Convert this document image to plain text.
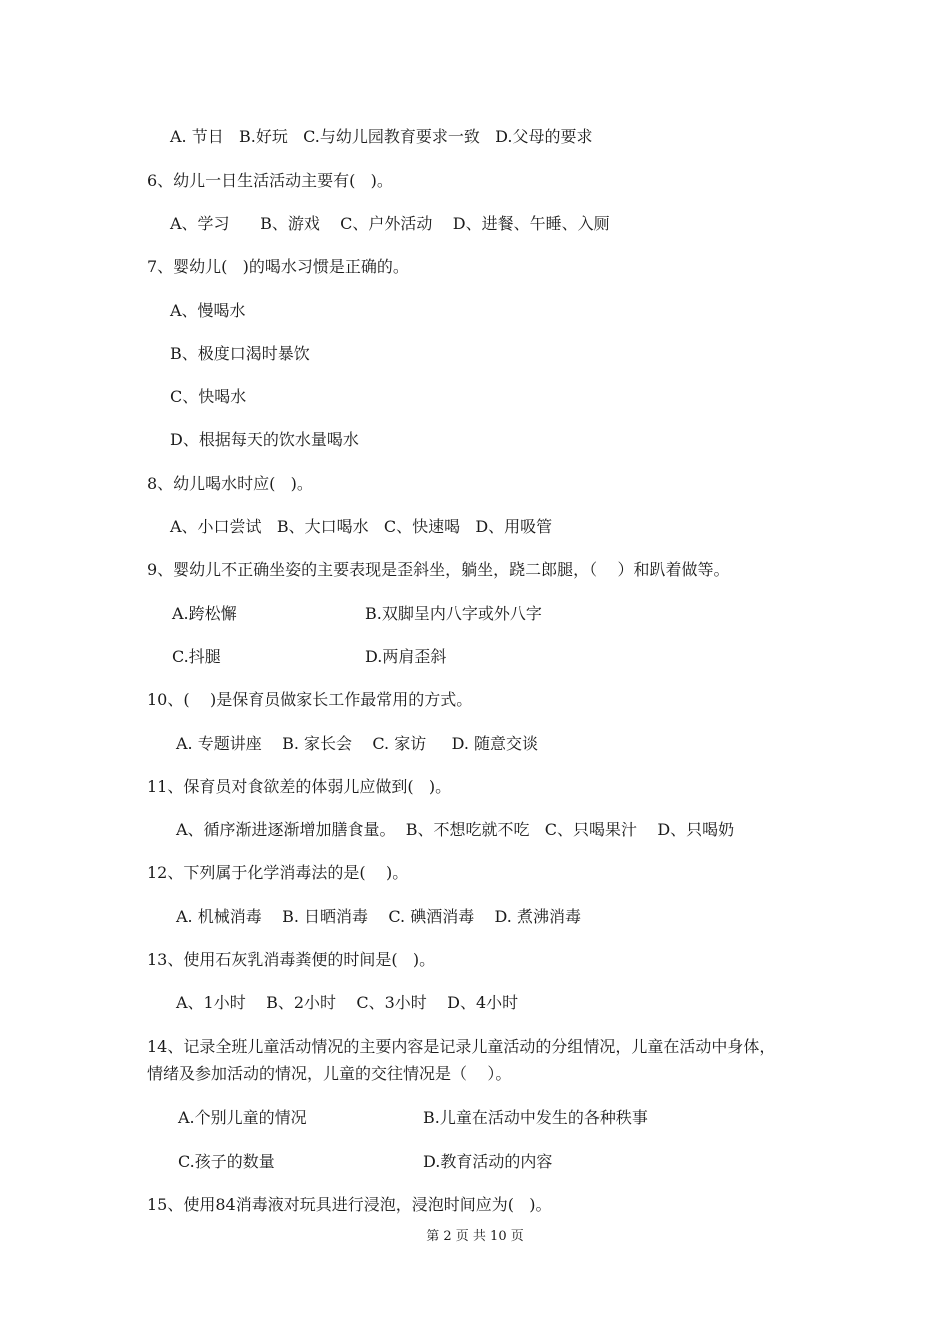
A. 节日   B.好玩   C.与幼儿园教育要求一致   D.父母的要求
6、幼儿一日生活活动主要有(   )。
A、学习      B、游戏    C、户外活动    D、进餐、午睡、入厕
7、婴幼儿(   )的喝水习惯是正确的。
A、慢喝水
B、极度口渴时暴饮
C、快喝水
D、根据每天的饮水量喝水
8、幼儿喝水时应(   )。
A、小口尝试   B、大口喝水   C、快速喝   D、用吸管
9、婴幼儿不正确坐姿的主要表现是歪斜坐，躺坐，跷二郎腿，（    ）和趴着做等。
A.跨松懈	B.双脚呈内八字或外八字
C.抖腿	D.两肩歪斜
10、(    )是保育员做家长工作最常用的方式。
A. 专题讲座    B. 家长会    C. 家访     D. 随意交谈
11、保育员对食欲差的体弱儿应做到(   )。
A、循序渐进逐渐增加膳食量。  B、不想吃就不吃   C、只喝果汁    D、只喝奶
12、下列属于化学消毒法的是(    )。
A. 机械消毒    B. 日晒消毒    C. 碘酒消毒    D. 煮沸消毒
13、使用石灰乳消毒粪便的时间是(   )。
A、1小时    B、2小时    C、3小时    D、4小时
14、记录全班儿童活动情况的主要内容是记录儿童活动的分组情况，儿童在活动中身体，
情绪及参加活动的情况，儿童的交往情况是（    ）。
A.个别儿童的情况	B.儿童在活动中发生的各种秩事
C.孩子的数量	D.教育活动的内容
15、使用84消毒液对玩具进行浸泡，浸泡时间应为(   )。
第 2 页 共 10 页
